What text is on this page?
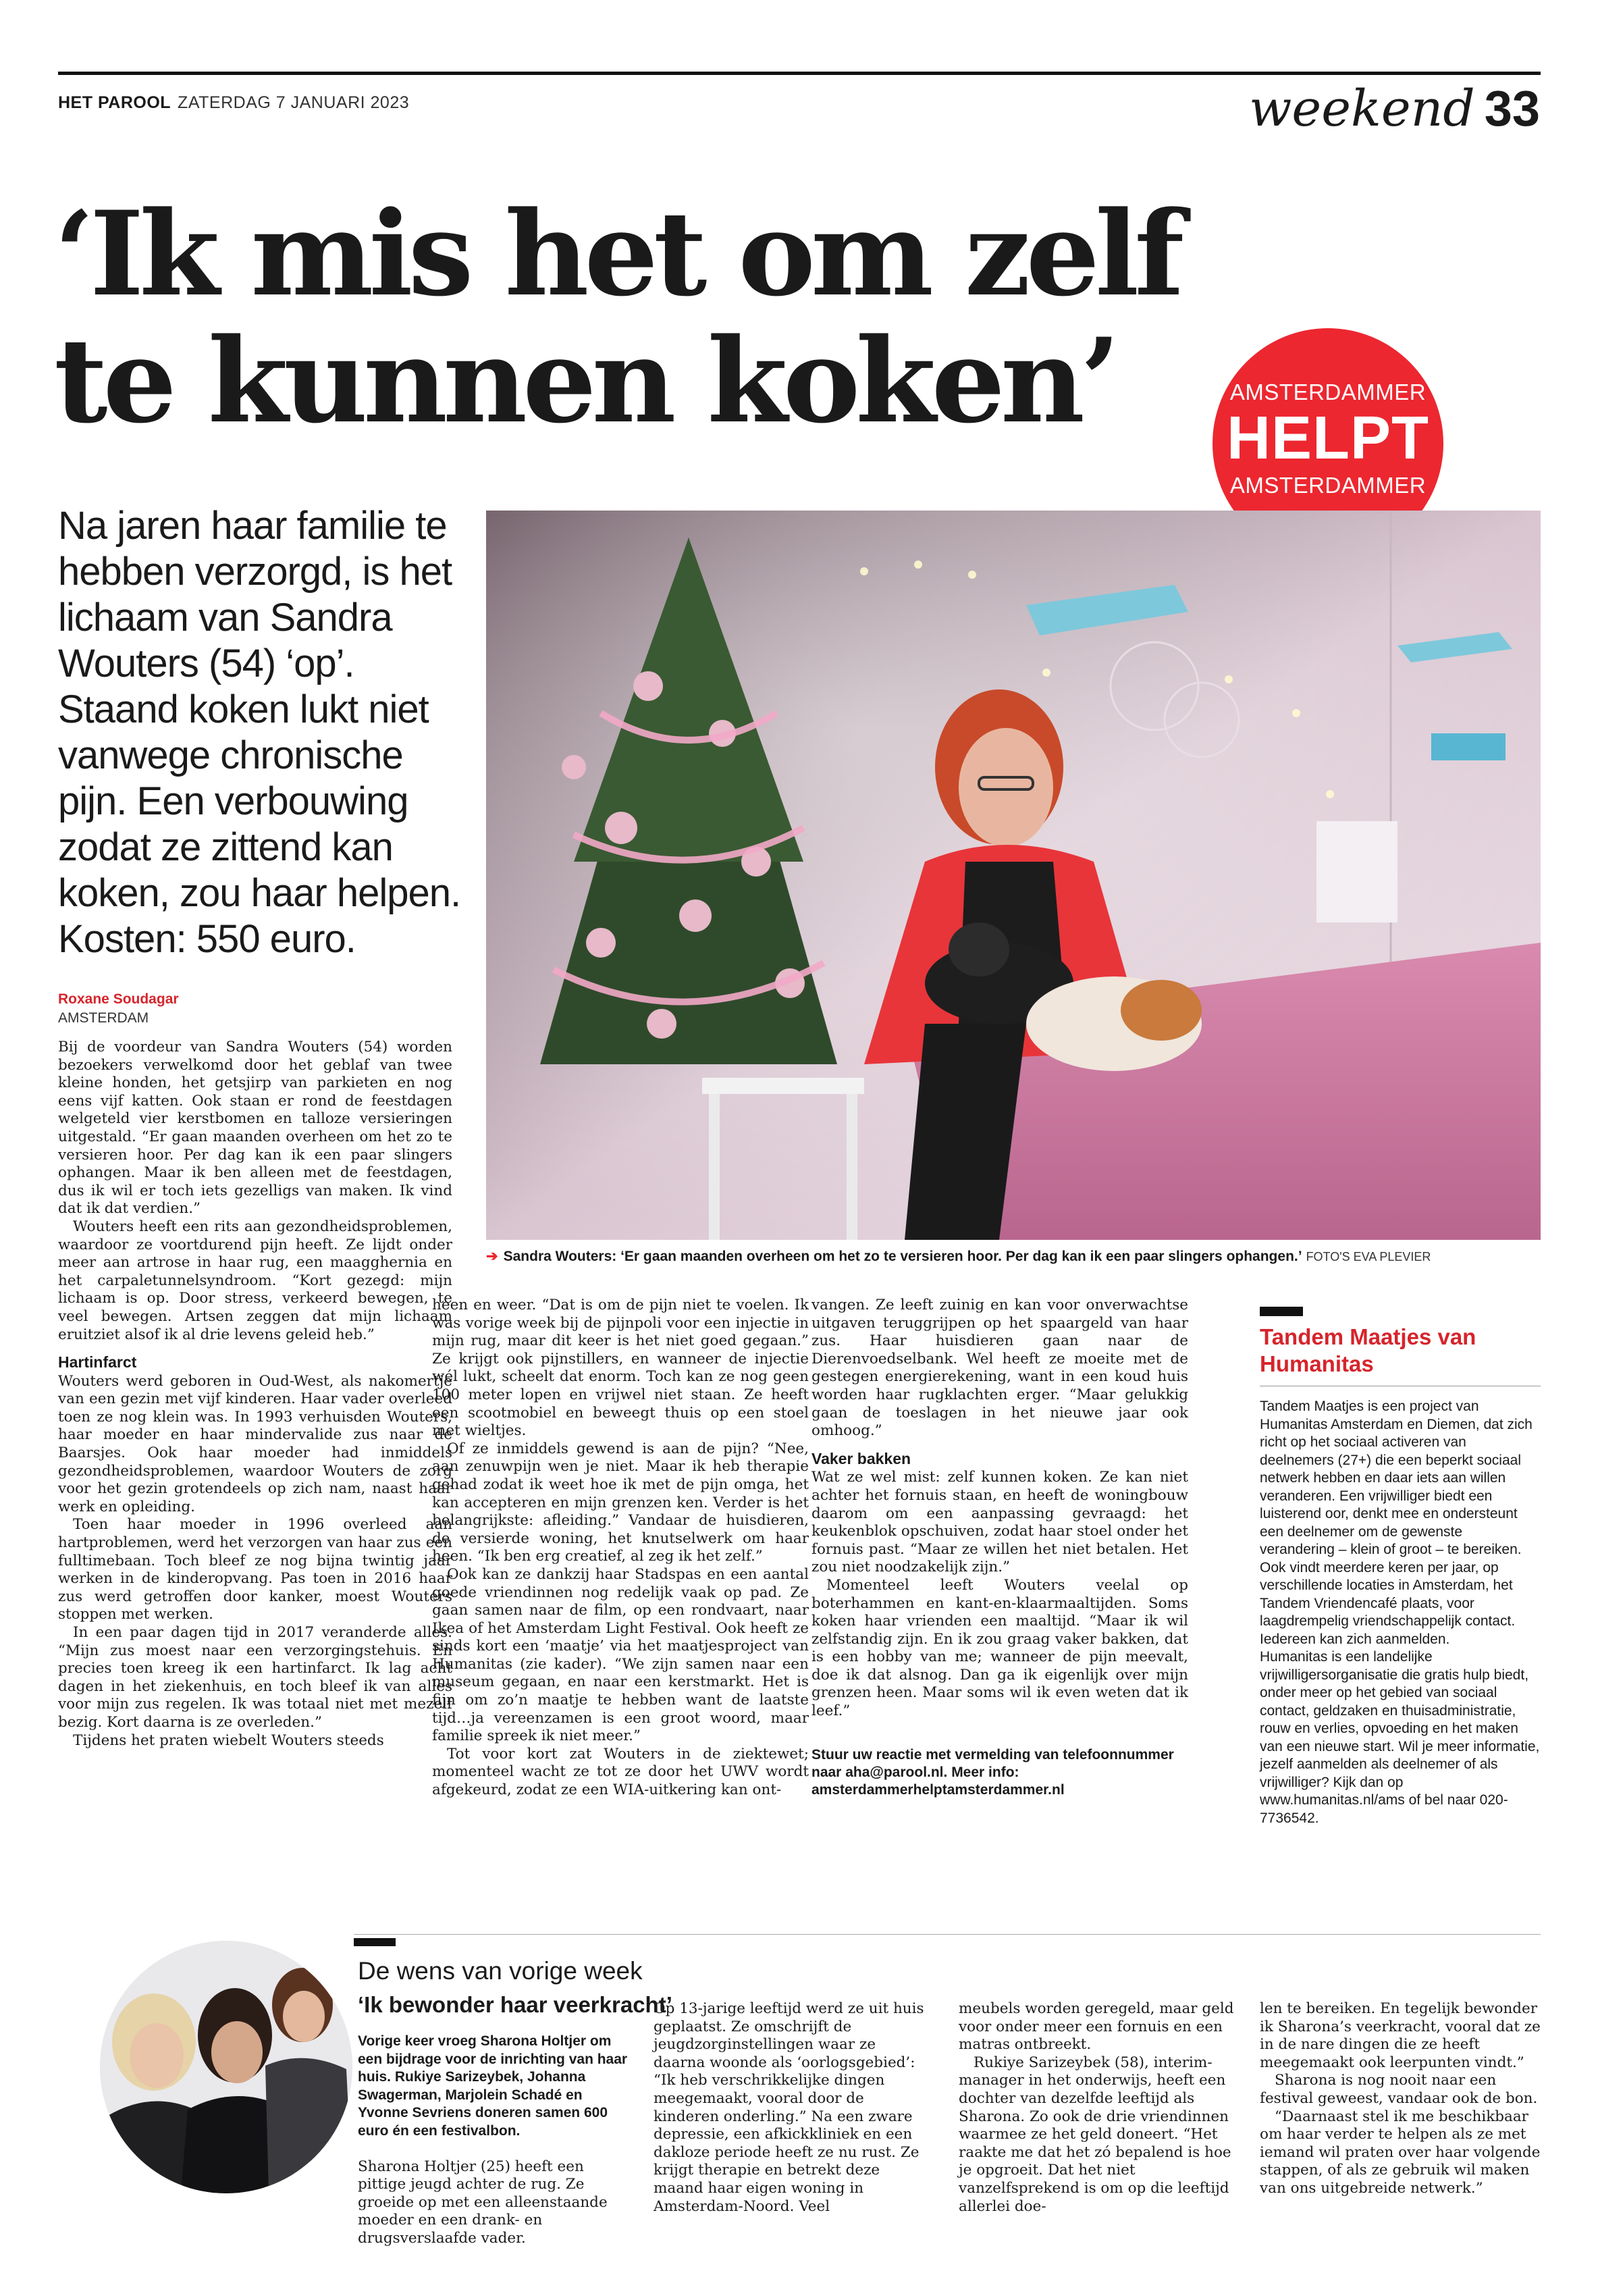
HET PAROOL ZATERDAG 7 JANUARI 2023	weekend 33
‘Ik mis het om zelf
te kunnen koken’	AMSTERDAMMER
HELPT
AMSTERDAMMER

Na jaren haar familie te hebben verzorgd, is het lichaam van Sandra Wouters (54) ‘op’. Staand koken lukt niet vanwege chronische pijn. Een verbouwing zodat ze zittend kan koken, zou haar helpen. Kosten: 550 euro.

➔ Sandra Wouters: ‘Er gaan maanden overheen om het zo te versieren hoor. Per dag kan ik een paar slingers ophangen.’ FOTO'S EVA PLEVIER
Roxane Soudagar
AMSTERDAM

Bij de voordeur van Sandra Wouters (54) worden bezoekers verwelkomd door het geblaf van twee kleine honden, het getsjirp van parkieten en nog eens vijf katten. Ook staan er rond de feestdagen welgeteld vier kerstbomen en talloze versieringen uitgestald. “Er gaan maanden overheen om het zo te versieren hoor. Per dag kan ik een paar slingers ophangen. Maar ik ben alleen met de feestdagen, dus ik wil er toch iets gezelligs van maken. Ik vind dat ik dat verdien.”

Wouters heeft een rits aan gezondheidsproblemen, waardoor ze voortdurend pijn heeft. Ze lijdt onder meer aan artrose in haar rug, een maagghernia en het carpaletunnelsyndroom. “Kort gezegd: mijn lichaam is op. Door stress, verkeerd bewegen, te veel bewegen. Artsen zeggen dat mijn lichaam eruitziet alsof ik al drie levens geleid heb.”

Hartinfarct

Wouters werd geboren in Oud-West, als nakomertje van een gezin met vijf kinderen. Haar vader overleed toen ze nog klein was. In 1993 verhuisden Wouters, haar moeder en haar mindervalide zus naar de Baarsjes. Ook haar moeder had inmiddels gezondheidsproblemen, waardoor Wouters de zorg voor het gezin grotendeels op zich nam, naast haar werk en opleiding.

Toen haar moeder in 1996 overleed aan hartproblemen, werd het verzorgen van haar zus een fulltimebaan. Toch bleef ze nog bijna twintig jaar werken in de kinderopvang. Pas toen in 2016 haar zus werd getroffen door kanker, moest Wouters stoppen met werken.

In een paar dagen tijd in 2017 veranderde alles. “Mijn zus moest naar een verzorgingstehuis. En precies toen kreeg ik een hartinfarct. Ik lag acht dagen in het ziekenhuis, en toch bleef ik van alles voor mijn zus regelen. Ik was totaal niet met mezelf bezig. Kort daarna is ze overleden.”

Tijdens het praten wiebelt Wouters steeds

heen en weer. “Dat is om de pijn niet te voelen. Ik was vorige week bij de pijnpoli voor een injectie in mijn rug, maar dit keer is het niet goed gegaan.” Ze krijgt ook pijnstillers, en wanneer de injectie wél lukt, scheelt dat enorm. Toch kan ze nog geen 100 meter lopen en vrijwel niet staan. Ze heeft een scootmobiel en beweegt thuis op een stoel met wieltjes.

Of ze inmiddels gewend is aan de pijn? “Nee, aan zenuwpijn wen je niet. Maar ik heb therapie gehad zodat ik weet hoe ik met de pijn omga, het kan accepteren en mijn grenzen ken. Verder is het belangrijkste: afleiding.” Vandaar de huisdieren, de versierde woning, het knutselwerk om haar heen. “Ik ben erg creatief, al zeg ik het zelf.”

Ook kan ze dankzij haar Stadspas en een aantal goede vriendinnen nog redelijk vaak op pad. Ze gaan samen naar de film, op een rondvaart, naar Ikea of het Amsterdam Light Festival. Ook heeft ze sinds kort een ‘maatje’ via het maatjesproject van Humanitas (zie kader). “We zijn samen naar een museum gegaan, en naar een kerstmarkt. Het is fijn om zo’n maatje te hebben want de laatste tijd…ja vereenzamen is een groot woord, maar familie spreek ik niet meer.”

Tot voor kort zat Wouters in de ziektewet; momenteel wacht ze tot ze door het UWV wordt afgekeurd, zodat ze een WIA-uitkering kan ont-

vangen. Ze leeft zuinig en kan voor onverwachtse uitgaven teruggrijpen op het spaargeld van haar zus. Haar huisdieren gaan naar de Dierenvoedselbank. Wel heeft ze moeite met de gestegen energierekening, want in een koud huis worden haar rugklachten erger. “Maar gelukkig gaan de toeslagen in het nieuwe jaar ook omhoog.”

Vaker bakken

Wat ze wel mist: zelf kunnen koken. Ze kan niet achter het fornuis staan, en heeft de woningbouw daarom om een aanpassing gevraagd: het keukenblok opschuiven, zodat haar stoel onder het fornuis past. “Maar ze willen het niet betalen. Het zou niet noodzakelijk zijn.”

Momenteel leeft Wouters veelal op boterhammen en kant-en-klaarmaaltijden. Soms koken haar vrienden een maaltijd. “Maar ik wil zelfstandig zijn. En ik zou graag vaker bakken, dat is een hobby van me; wanneer de pijn meevalt, doe ik dat alsnog. Dan ga ik eigenlijk over mijn grenzen heen. Maar soms wil ik even weten dat ik leef.”

Stuur uw reactie met vermelding van telefoonnummer naar aha@parool.nl. Meer info: amsterdammerhelptamsterdammer.nl
Tandem Maatjes van Humanitas

Tandem Maatjes is een project van Humanitas Amsterdam en Diemen, dat zich richt op het sociaal activeren van deelnemers (27+) die een beperkt sociaal netwerk hebben en daar iets aan willen veranderen. Een vrijwilliger biedt een luisterend oor, denkt mee en ondersteunt een deelnemer om de gewenste verandering – klein of groot – te bereiken. Ook vindt meerdere keren per jaar, op verschillende locaties in Amsterdam, het Tandem Vriendencafé plaats, voor laagdrempelig vriendschappelijk contact. Iedereen kan zich aanmelden.

Humanitas is een landelijke vrijwilligersorganisatie die gratis hulp biedt, onder meer op het gebied van sociaal contact, geldzaken en thuisadministratie, rouw en verlies, opvoeding en het maken van een nieuwe start. Wil je meer informatie, jezelf aanmelden als deelnemer of als vrijwilliger? Kijk dan op www.humanitas.nl/ams of bel naar 020-7736542.

De wens van vorige week
‘Ik bewonder haar veerkracht’

Vorige keer vroeg Sharona Holtjer om een bijdrage voor de inrichting van haar huis. Rukiye Sarizeybek, Johanna Swagerman, Marjolein Schadé en Yvonne Sevriens doneren samen 600 euro én een festivalbon.

Sharona Holtjer (25) heeft een pittige jeugd achter de rug. Ze groeide op met een alleenstaande moeder en een drank- en drugsverslaafde vader.

Op 13-jarige leeftijd werd ze uit huis geplaatst. Ze omschrijft de jeugdzorginstellingen waar ze daarna woonde als ‘oorlogsgebied’: “Ik heb verschrikkelijke dingen meegemaakt, vooral door de kinderen onderling.” Na een zware depressie, een afkickkliniek en een dakloze periode heeft ze nu rust. Ze krijgt therapie en betrekt deze maand haar eigen woning in Amsterdam-Noord. Veel

meubels worden geregeld, maar geld voor onder meer een fornuis en een matras ontbreekt.

Rukiye Sarizeybek (58), interim-manager in het onderwijs, heeft een dochter van dezelfde leeftijd als Sharona. Zo ook de drie vriendinnen waarmee ze het geld doneert. “Het raakte me dat het zó bepalend is hoe je opgroeit. Dat het niet vanzelfsprekend is om op die leeftijd allerlei doe-

len te bereiken. En tegelijk bewonder ik Sharona’s veerkracht, vooral dat ze in de nare dingen die ze heeft meegemaakt ook leerpunten vindt.”

Sharona is nog nooit naar een festival geweest, vandaar ook de bon.

“Daarnaast stel ik me beschikbaar om haar verder te helpen als ze met iemand wil praten over haar volgende stappen, of als ze gebruik wil maken van ons uitgebreide netwerk.”
